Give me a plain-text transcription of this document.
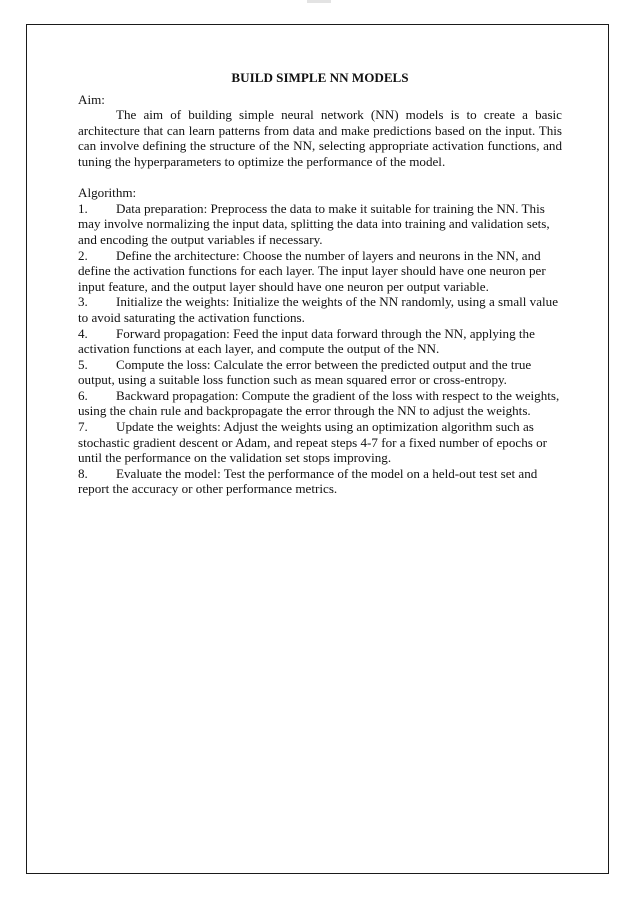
BUILD SIMPLE NN MODELS

Aim:

The aim of building simple neural network (NN) models is to create a basic architecture that can learn patterns from data and make predictions based on the input. This can involve defining the structure of the NN, selecting appropriate activation functions, and tuning the hyperparameters to optimize the performance of the model.

Algorithm:

1. Data preparation: Preprocess the data to make it suitable for training the NN. This may involve normalizing the input data, splitting the data into training and validation sets, and encoding the output variables if necessary.

2. Define the architecture: Choose the number of layers and neurons in the NN, and define the activation functions for each layer. The input layer should have one neuron per input feature, and the output layer should have one neuron per output variable.

3. Initialize the weights: Initialize the weights of the NN randomly, using a small value to avoid saturating the activation functions.

4. Forward propagation: Feed the input data forward through the NN, applying the activation functions at each layer, and compute the output of the NN.

5. Compute the loss: Calculate the error between the predicted output and the true output, using a suitable loss function such as mean squared error or cross-entropy.

6. Backward propagation: Compute the gradient of the loss with respect to the weights, using the chain rule and backpropagate the error through the NN to adjust the weights.

7. Update the weights: Adjust the weights using an optimization algorithm such as stochastic gradient descent or Adam, and repeat steps 4-7 for a fixed number of epochs or until the performance on the validation set stops improving.

8. Evaluate the model: Test the performance of the model on a held-out test set and report the accuracy or other performance metrics.
